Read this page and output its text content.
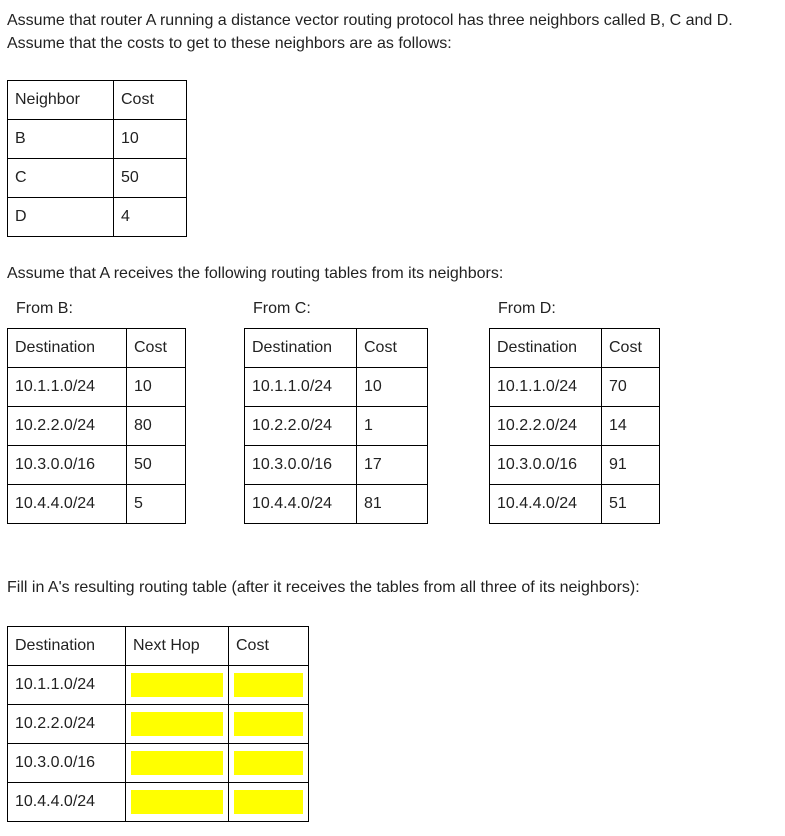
Assume that router A running a distance vector routing protocol has three neighbors called B, C and D. Assume that the costs to get to these neighbors are as follows:

Neighbor	Cost
B	10
C	50
D	4

Assume that A receives the following routing tables from its neighbors:

From B:	From C:	From D:
Destination	Cost
10.1.1.0/24	10
10.2.2.0/24	80
10.3.0.0/16	50
10.4.4.0/24	5
Destination	Cost
10.1.1.0/24	10
10.2.2.0/24	1
10.3.0.0/16	17
10.4.4.0/24	81
Destination	Cost
10.1.1.0/24	70
10.2.2.0/24	14
10.3.0.0/16	91
10.4.4.0/24	51

Fill in A's resulting routing table (after it receives the tables from all three of its neighbors):

Destination	Next Hop	Cost
10.1.1.0/24	

10.2.2.0/24	

10.3.0.0/16	

10.4.4.0/24	
